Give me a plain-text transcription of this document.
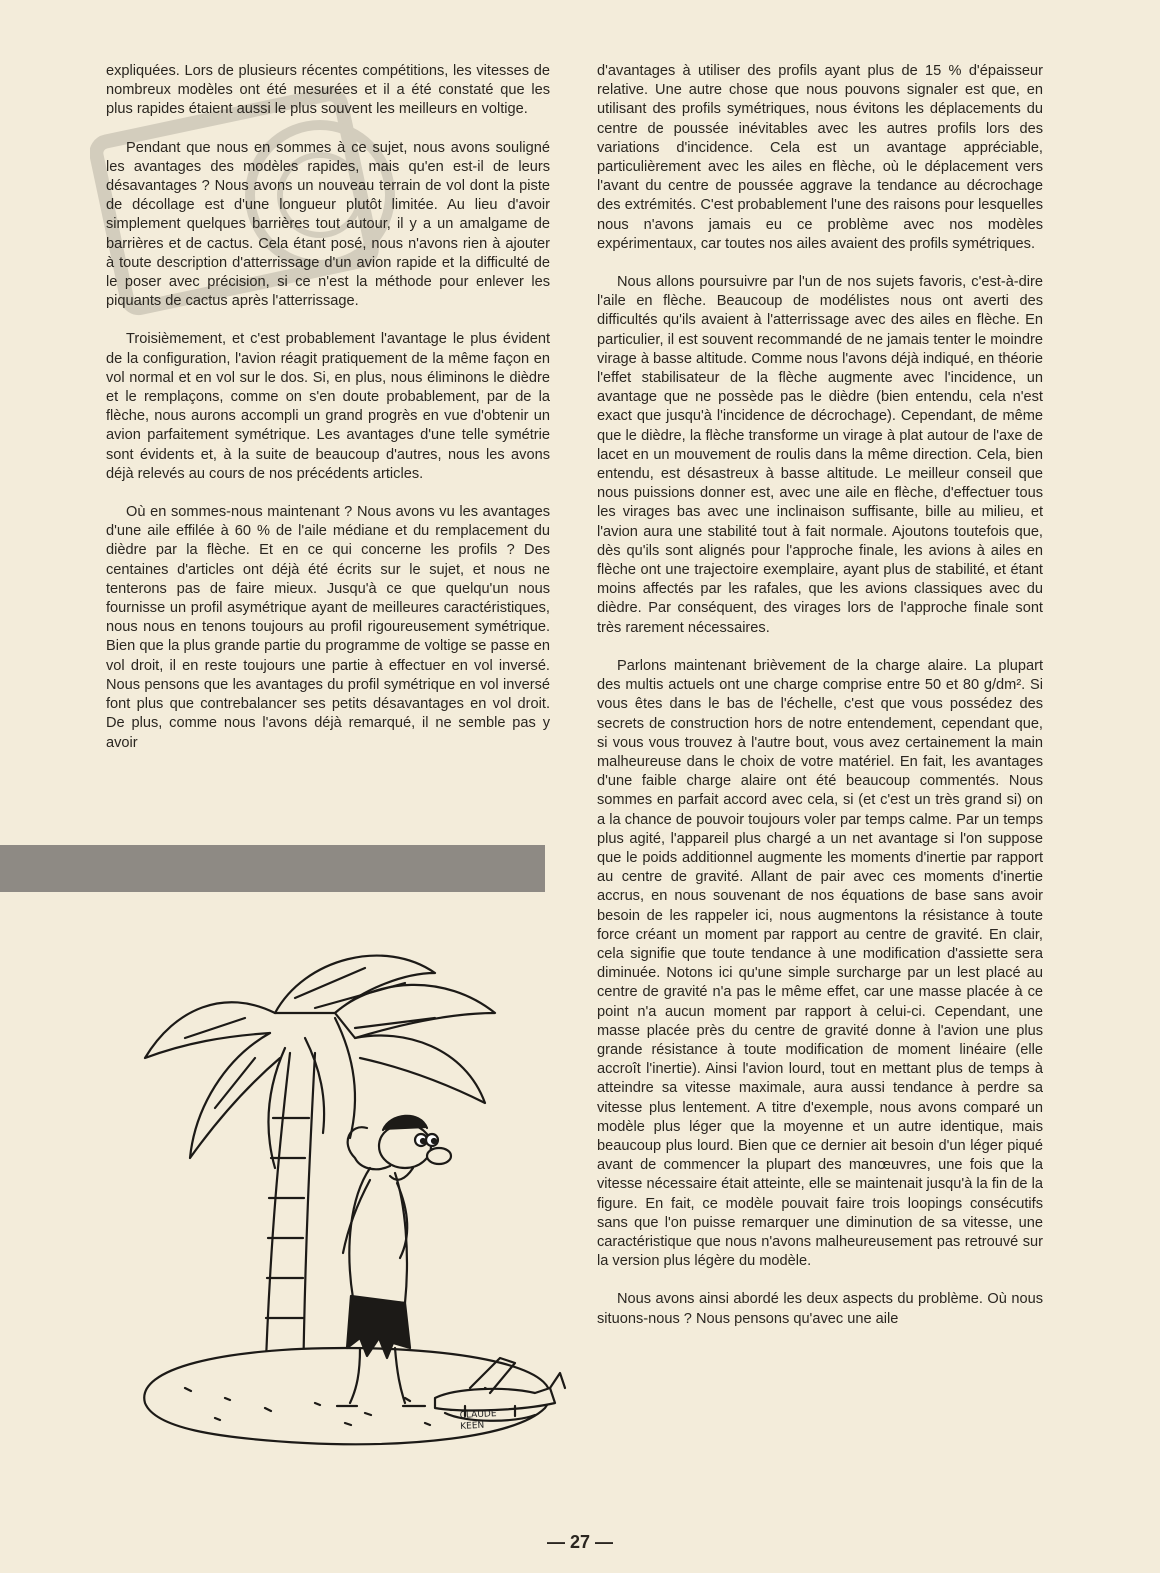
expliquées. Lors de plusieurs récentes compétitions, les vitesses de nombreux modèles ont été mesurées et il a été constaté que les plus rapides étaient aussi le plus souvent les meilleurs en voltige.

Pendant que nous en sommes à ce sujet, nous avons souligné les avantages des modèles rapides, mais qu'en est-il de leurs désavantages ? Nous avons un nouveau terrain de vol dont la piste de décollage est d'une longueur plutôt limitée. Au lieu d'avoir simplement quelques barrières tout autour, il y a un amalgame de barrières et de cactus. Cela étant posé, nous n'avons rien à ajouter à toute description d'atterrissage d'un avion rapide et la difficulté de le poser avec précision, si ce n'est la méthode pour enlever les piquants de cactus après l'atterrissage.

Troisièmement, et c'est probablement l'avantage le plus évident de la configuration, l'avion réagit pratiquement de la même façon en vol normal et en vol sur le dos. Si, en plus, nous éliminons le dièdre et le remplaçons, comme on s'en doute probablement, par de la flèche, nous aurons accompli un grand progrès en vue d'obtenir un avion parfaitement symétrique. Les avantages d'une telle symétrie sont évidents et, à la suite de beaucoup d'autres, nous les avons déjà relevés au cours de nos précédents articles.

Où en sommes-nous maintenant ? Nous avons vu les avantages d'une aile effilée à 60 % de l'aile médiane et du remplacement du dièdre par la flèche. Et en ce qui concerne les profils ? Des centaines d'articles ont déjà été écrits sur le sujet, et nous ne tenterons pas de faire mieux. Jusqu'à ce que quelqu'un nous fournisse un profil asymétrique ayant de meilleures caractéristiques, nous nous en tenons toujours au profil rigoureusement symétrique. Bien que la plus grande partie du programme de voltige se passe en vol droit, il en reste toujours une partie à effectuer en vol inversé. Nous pensons que les avantages du profil symétrique en vol inversé font plus que contrebalancer ses petits désavantages en vol droit. De plus, comme nous l'avons déjà remarqué, il ne semble pas y avoir

d'avantages à utiliser des profils ayant plus de 15 % d'épaisseur relative. Une autre chose que nous pouvons signaler est que, en utilisant des profils symétriques, nous évitons les déplacements du centre de poussée inévitables avec les autres profils lors des variations d'incidence. Cela est un avantage appréciable, particulièrement avec les ailes en flèche, où le déplacement vers l'avant du centre de poussée aggrave la tendance au décrochage des extrémités. C'est probablement l'une des raisons pour lesquelles nous n'avons jamais eu ce problème avec nos modèles expérimentaux, car toutes nos ailes avaient des profils symétriques.

Nous allons poursuivre par l'un de nos sujets favoris, c'est-à-dire l'aile en flèche. Beaucoup de modélistes nous ont averti des difficultés qu'ils avaient à l'atterrissage avec des ailes en flèche. En particulier, il est souvent recommandé de ne jamais tenter le moindre virage à basse altitude. Comme nous l'avons déjà indiqué, en théorie l'effet stabilisateur de la flèche augmente avec l'incidence, un avantage que ne possède pas le dièdre (bien entendu, cela n'est exact que jusqu'à l'incidence de décrochage). Cependant, de même que le dièdre, la flèche transforme un virage à plat autour de l'axe de lacet en un mouvement de roulis dans la même direction. Cela, bien entendu, est désastreux à basse altitude. Le meilleur conseil que nous puissions donner est, avec une aile en flèche, d'effectuer tous les virages bas avec une inclinaison suffisante, bille au milieu, et l'avion aura une stabilité tout à fait normale. Ajoutons toutefois que, dès qu'ils sont alignés pour l'approche finale, les avions à ailes en flèche ont une trajectoire exemplaire, ayant plus de stabilité, et étant moins affectés par les rafales, que les avions classiques avec du dièdre. Par conséquent, des virages lors de l'approche finale sont très rarement nécessaires.

Parlons maintenant brièvement de la charge alaire. La plupart des multis actuels ont une charge comprise entre 50 et 80 g/dm². Si vous êtes dans le bas de l'échelle, c'est que vous possédez des secrets de construction hors de notre entendement, cependant que, si vous vous trouvez à l'autre bout, vous avez certainement la main malheureuse dans le choix de votre matériel. En fait, les avantages d'une faible charge alaire ont été beaucoup commentés. Nous sommes en parfait accord avec cela, si (et c'est un très grand si) on a la chance de pouvoir toujours voler par temps calme. Par un temps plus agité, l'appareil plus chargé a un net avantage si l'on suppose que le poids additionnel augmente les moments d'inertie par rapport au centre de gravité. Allant de pair avec ces moments d'inertie accrus, en nous souvenant de nos équations de base sans avoir besoin de les rappeler ici, nous augmentons la résistance à toute force créant un moment par rapport au centre de gravité. En clair, cela signifie que toute tendance à une modification d'assiette sera diminuée. Notons ici qu'une simple surcharge par un lest placé au centre de gravité n'a pas le même effet, car une masse placée à ce point n'a aucun moment par rapport à celui-ci. Cependant, une masse placée près du centre de gravité donne à l'avion une plus grande résistance à toute modification de moment linéaire (elle accroît l'inertie). Ainsi l'avion lourd, tout en mettant plus de temps à atteindre sa vitesse maximale, aura aussi tendance à perdre sa vitesse plus lentement. A titre d'exemple, nous avons comparé un modèle plus léger que la moyenne et un autre identique, mais beaucoup plus lourd. Bien que ce dernier ait besoin d'un léger piqué avant de commencer la plupart des manœuvres, une fois que la vitesse nécessaire était atteinte, elle se maintenait jusqu'à la fin de la figure. En fait, ce modèle pouvait faire trois loopings consécutifs sans que l'on puisse remarquer une diminution de sa vitesse, une caractéristique que nous n'avons malheureusement pas retrouvé sur la version plus légère du modèle.

Nous avons ainsi abordé les deux aspects du problème. Où nous situons-nous ? Nous pensons qu'avec une aile

CLAUDE
KEEN
— 27 —
